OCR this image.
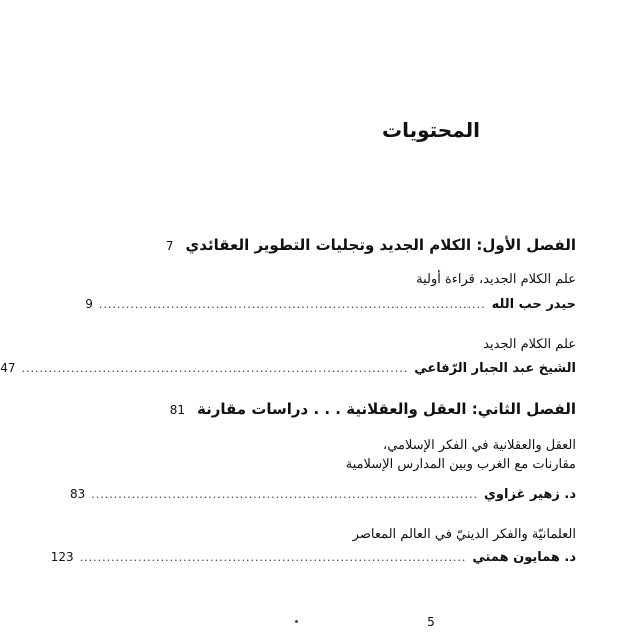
المحتويات
الفصل الأول: الكلام الجديد وتجليات التطوير العقائدي
7
علم الكلام الجديد، قراءة أولية
حيدر حب الله
......................................................................................
9
علم الكلام الجديد
الشيخ عبد الجبار الرّفاعي
......................................................................................
47
الفصل الثاني: العقل والعقلانية . . . دراسات مقارنة
81
العقل والعقلانية في الفكر الإسلامي،
مقارنات مع الغرب وبين المدارس الإسلامية
د. زهير غزاوي
......................................................................................
83
العلمانيّة والفكر الدينيّ في العالم المعاصر
د. همايون همتي
......................................................................................
123
5
